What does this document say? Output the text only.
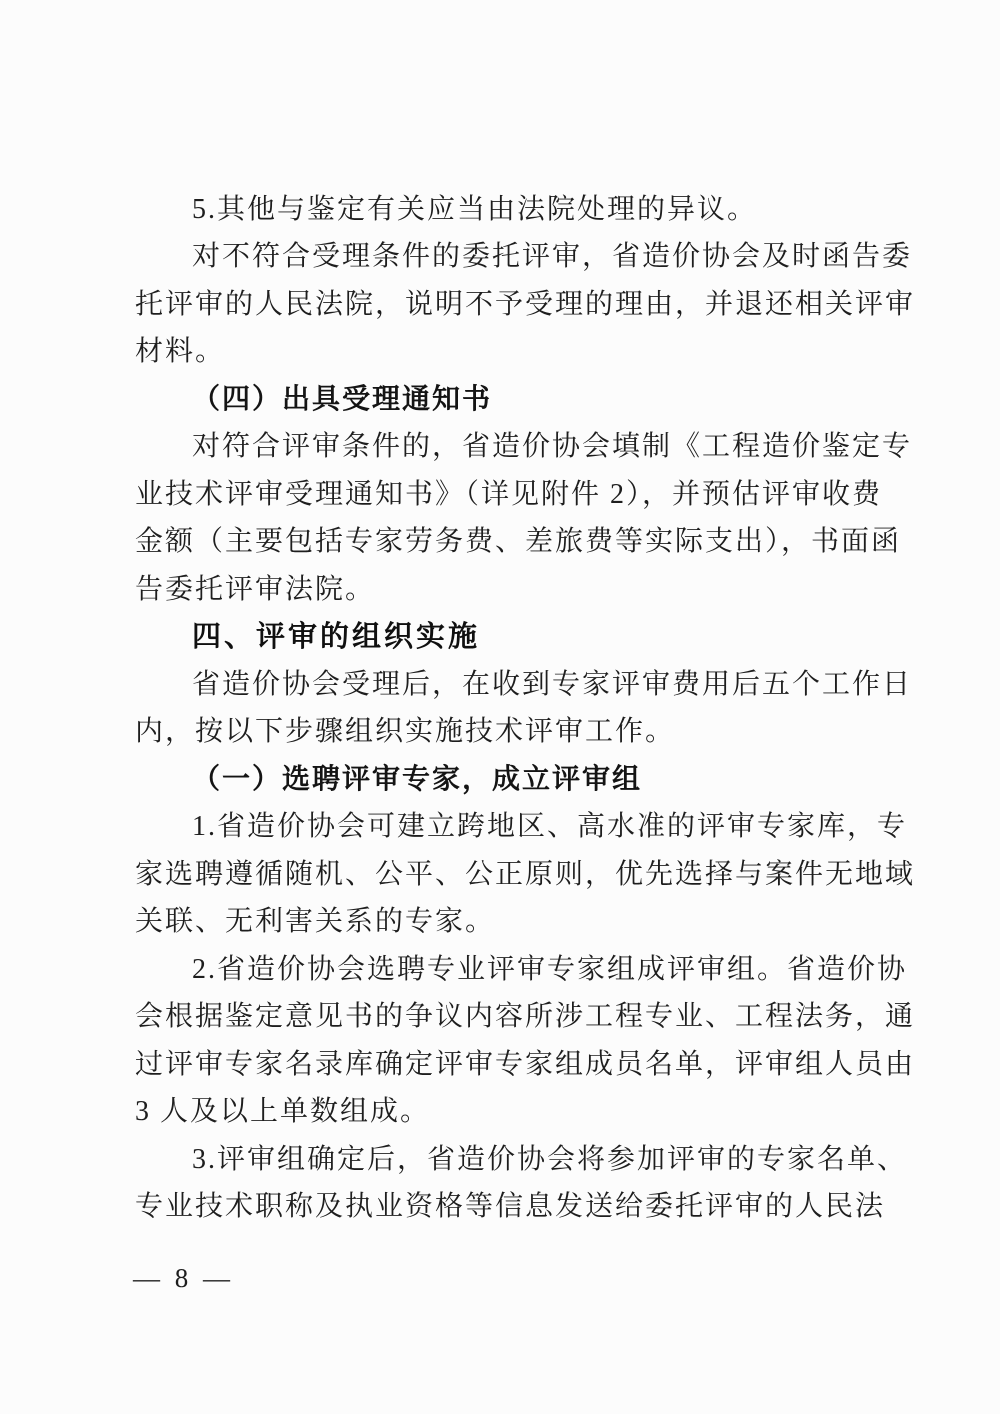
5.其他与鉴定有关应当由法院处理的异议。
对不符合受理条件的委托评审，省造价协会及时函告委
托评审的人民法院，说明不予受理的理由，并退还相关评审
材料。
（四）出具受理通知书
对符合评审条件的，省造价协会填制《工程造价鉴定专
业技术评审受理通知书》（详见附件 2），并预估评审收费
金额（主要包括专家劳务费、差旅费等实际支出），书面函
告委托评审法院。
四、评审的组织实施
省造价协会受理后，在收到专家评审费用后五个工作日
内，按以下步骤组织实施技术评审工作。
（一）选聘评审专家，成立评审组
1.省造价协会可建立跨地区、高水准的评审专家库，专
家选聘遵循随机、公平、公正原则，优先选择与案件无地域
关联、无利害关系的专家。
2.省造价协会选聘专业评审专家组成评审组。省造价协
会根据鉴定意见书的争议内容所涉工程专业、工程法务，通
过评审专家名录库确定评审专家组成员名单，评审组人员由
3 人及以上单数组成。
3.评审组确定后，省造价协会将参加评审的专家名单、
专业技术职称及执业资格等信息发送给委托评审的人民法
— 8 —
